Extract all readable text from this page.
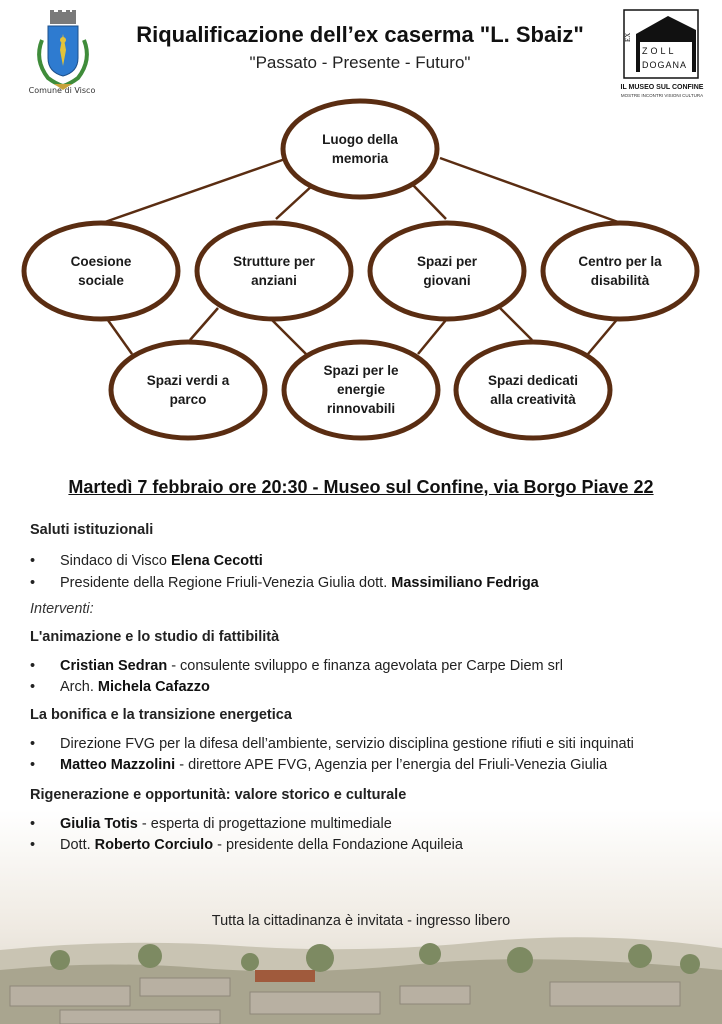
Comune di Visco
Riqualificazione dell’ex caserma "L. Sbaiz"
"Passato - Presente - Futuro"
EX
ZOLL
DOGANA
IL MUSEO SUL CONFINE
MOSTRE INCONTRI VISIONI CULTURA
Luogo della
memoria
Coesione
sociale
Strutture per
anziani
Spazi per
giovani
Centro per la
disabilità
Spazi verdi a
parco
Spazi per le
energie
rinnovabili
Spazi dedicati
alla creatività
Martedì 7 febbraio ore 20:30 - Museo sul Confine, via Borgo Piave 22

Saluti istituzionali

• Sindaco di Visco Elena Cecotti
• Presidente della Regione Friuli-Venezia Giulia dott. Massimiliano Fedriga

Interventi:

L'animazione e lo studio di fattibilità

• Cristian Sedran - consulente sviluppo e finanza agevolata per Carpe Diem srl
• Arch. Michela Cafazzo

La bonifica e la transizione energetica

• Direzione FVG per la difesa dell’ambiente, servizio disciplina gestione rifiuti e siti inquinati
• Matteo Mazzolini - direttore APE FVG, Agenzia per l’energia del Friuli-Venezia Giulia

Rigenerazione e opportunità: valore storico e culturale

• Giulia Totis - esperta di progettazione multimediale
• Dott. Roberto Corciulo - presidente della Fondazione Aquileia
Tutta la cittadinanza è invitata - ingresso libero
